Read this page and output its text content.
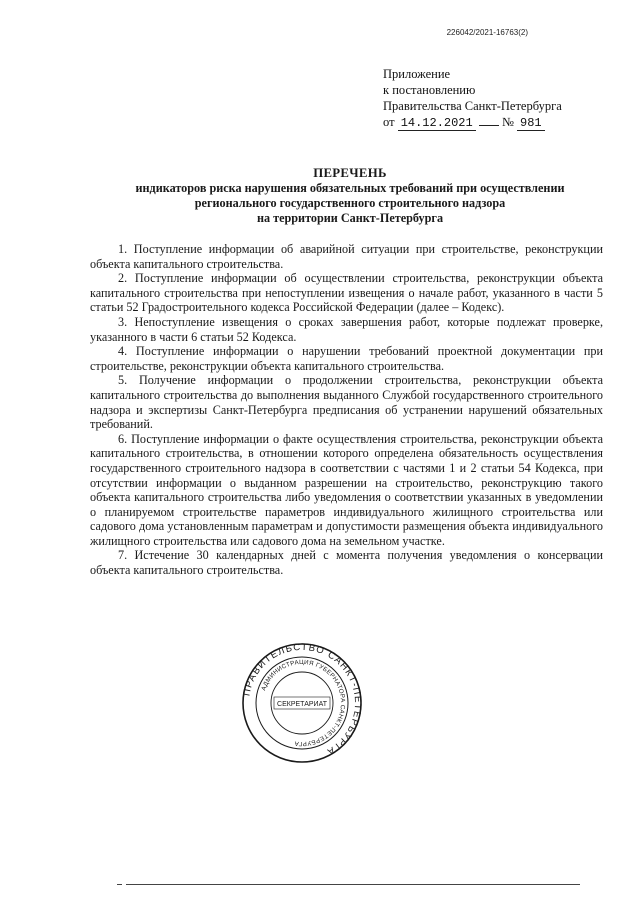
226042/2021-16763(2)
Приложение
к постановлению
Правительства Санкт-Петербурга
от 14.12.2021 № 981
ПЕРЕЧЕНЬ
индикаторов риска нарушения обязательных требований при осуществлении
регионального государственного строительного надзора
на территории Санкт-Петербурга

1. Поступление информации об аварийной ситуации при строительстве, реконструкции объекта капитального строительства.

2. Поступление информации об осуществлении строительства, реконструкции объекта капитального строительства при непоступлении извещения о начале работ, указанного в части 5 статьи 52 Градостроительного кодекса Российской Федерации (далее – Кодекс).

3. Непоступление извещения о сроках завершения работ, которые подлежат проверке, указанного в части 6 статьи 52 Кодекса.

4. Поступление информации о нарушении требований проектной документации при строительстве, реконструкции объекта капитального строительства.

5. Получение информации о продолжении строительства, реконструкции объекта капитального строительства до выполнения выданного Службой государственного строительного надзора и экспертизы Санкт-Петербурга предписания об устранении нарушений обязательных требований.

6. Поступление информации о факте осуществления строительства, реконструкции объекта капитального строительства, в отношении которого определена обязательность осуществления государственного строительного надзора в соответствии с частями 1 и 2 статьи 54 Кодекса, при отсутствии информации о выданном разрешении на строительство, реконструкцию такого объекта капитального строительства либо уведомления о соответствии указанных в уведомлении о планируемом строительстве параметров индивидуального жилищного строительства или садового дома установленным параметрам и допустимости размещения объекта индивидуального жилищного строительства или садового дома на земельном участке.

7. Истечение 30 календарных дней с момента получения уведомления о консервации объекта капитального строительства.

ПРАВИТЕЛЬСТВО САНКТ-ПЕТЕРБУРГА
АДМИНИСТРАЦИЯ ГУБЕРНАТОРА САНКТ-ПЕТЕРБУРГА
СЕКРЕТАРИАТ
